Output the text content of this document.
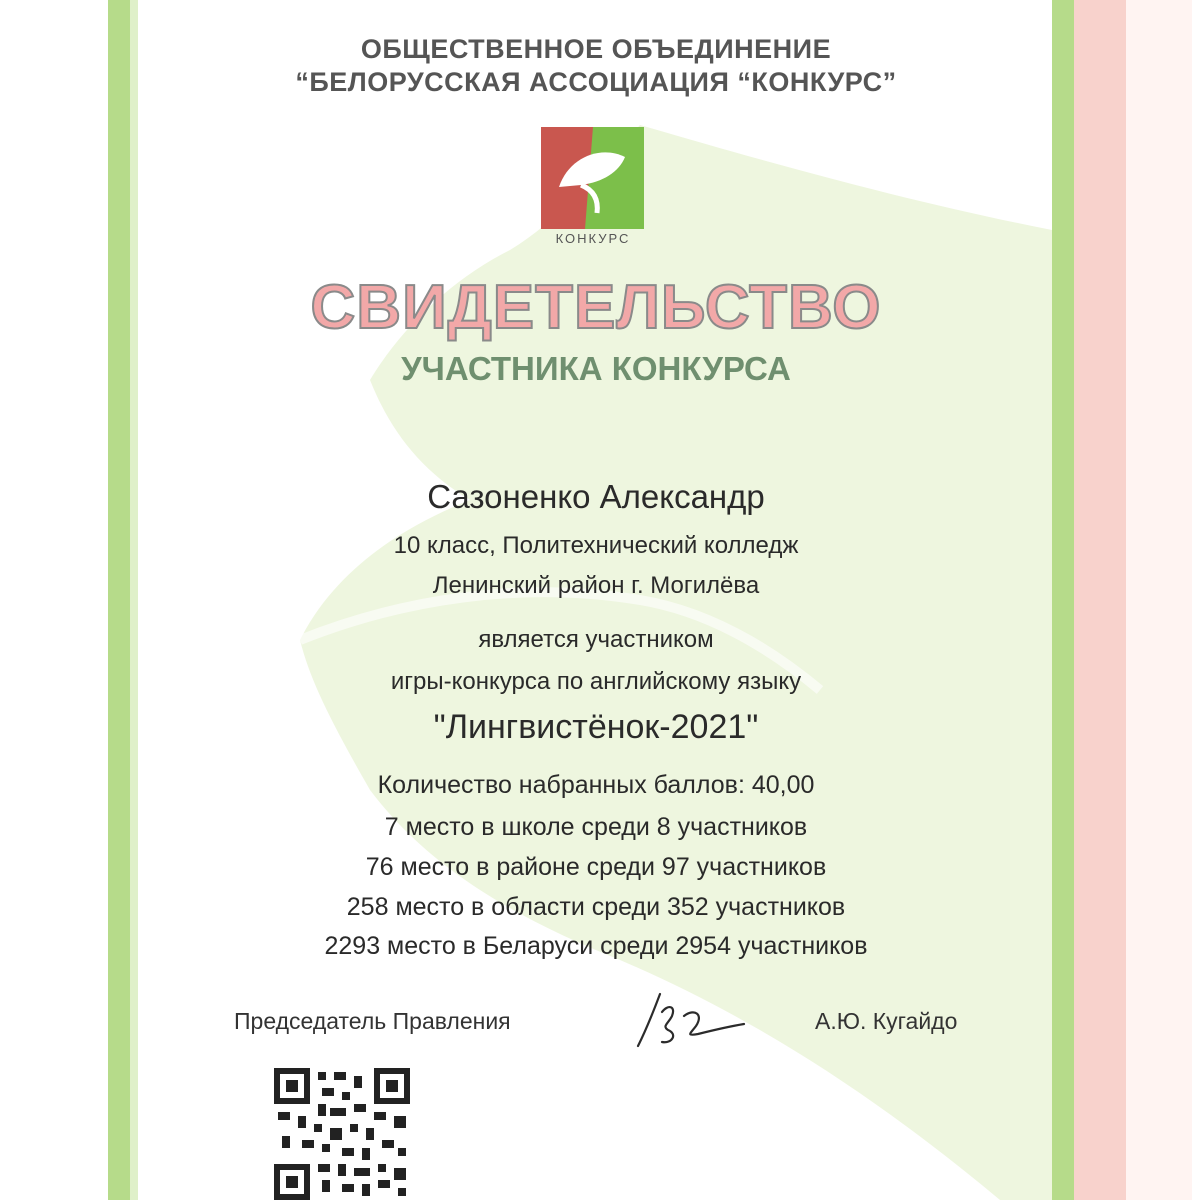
ОБЩЕСТВЕННОЕ ОБЪЕДИНЕНИЕ
“БЕЛОРУССКАЯ АССОЦИАЦИЯ “КОНКУРС”
КОНКУРС
СВИДЕТЕЛЬСТВО
УЧАСТНИКА КОНКУРСА
Сазоненко Александр
10 класс, Политехнический колледж
Ленинский район г. Могилёва
является участником
игры-конкурса по английскому языку
"Лингвистёнок-2021"
Количество набранных баллов: 40,00
7 место в школе среди 8 участников
76 место в районе среди 97 участников
258 место в области среди 352 участников
2293 место в Беларуси среди 2954 участников
Председатель Правления	А.Ю. Кугайдо
